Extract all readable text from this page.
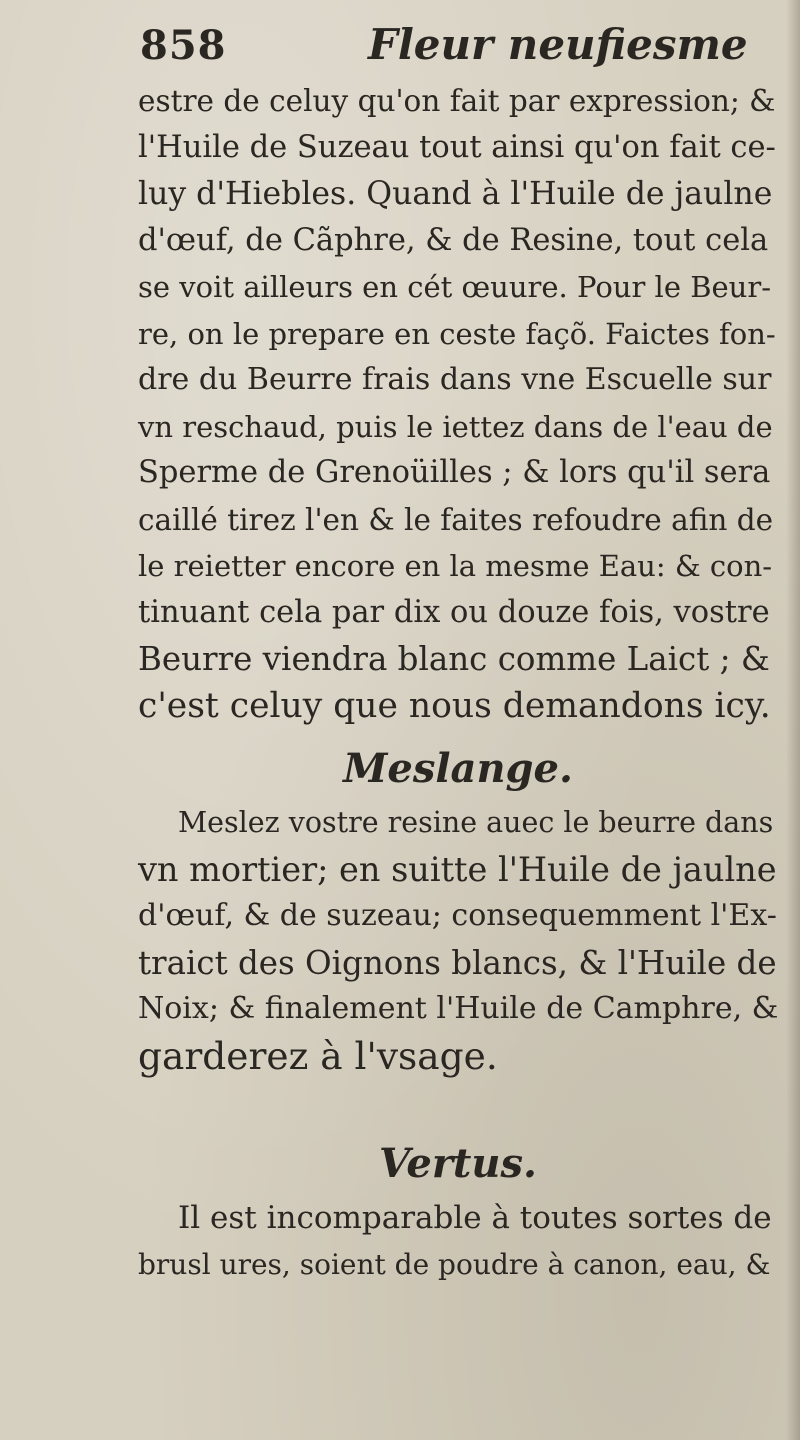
858	Fleur neufiesme
estre de celuy qu'on fait par expression; &
l'Huile de Suzeau tout ainsi qu'on fait ce-
luy d'Hiebles. Quand à l'Huile de jaulne
d'œuf, de Cãphre, & de Resine, tout cela
se voit ailleurs en cét œuure. Pour le Beur-
re, on le prepare en ceste façõ. Faictes fon-
dre du Beurre frais dans vne Escuelle sur
vn reschaud, puis le iettez dans de l'eau de
Sperme de Grenoüilles ; & lors qu'il sera
caillé tirez l'en & le faites refoudre afin de
le reietter encore en la mesme Eau: & con-
tinuant cela par dix ou douze fois, vostre
Beurre viendra blanc comme Laict ; &
c'est celuy que nous demandons icy.
Meslange.
Meslez vostre resine auec le beurre dans
vn mortier; en suitte l'Huile de jaulne
d'œuf, & de suzeau; consequemment l'Ex-
traict des Oignons blancs, & l'Huile de
Noix; & finalement l'Huile de Camphre, &
garderez à l'vsage.
Vertus.
Il est incomparable à toutes sortes de
brusl ures, soient de poudre à canon, eau, &
